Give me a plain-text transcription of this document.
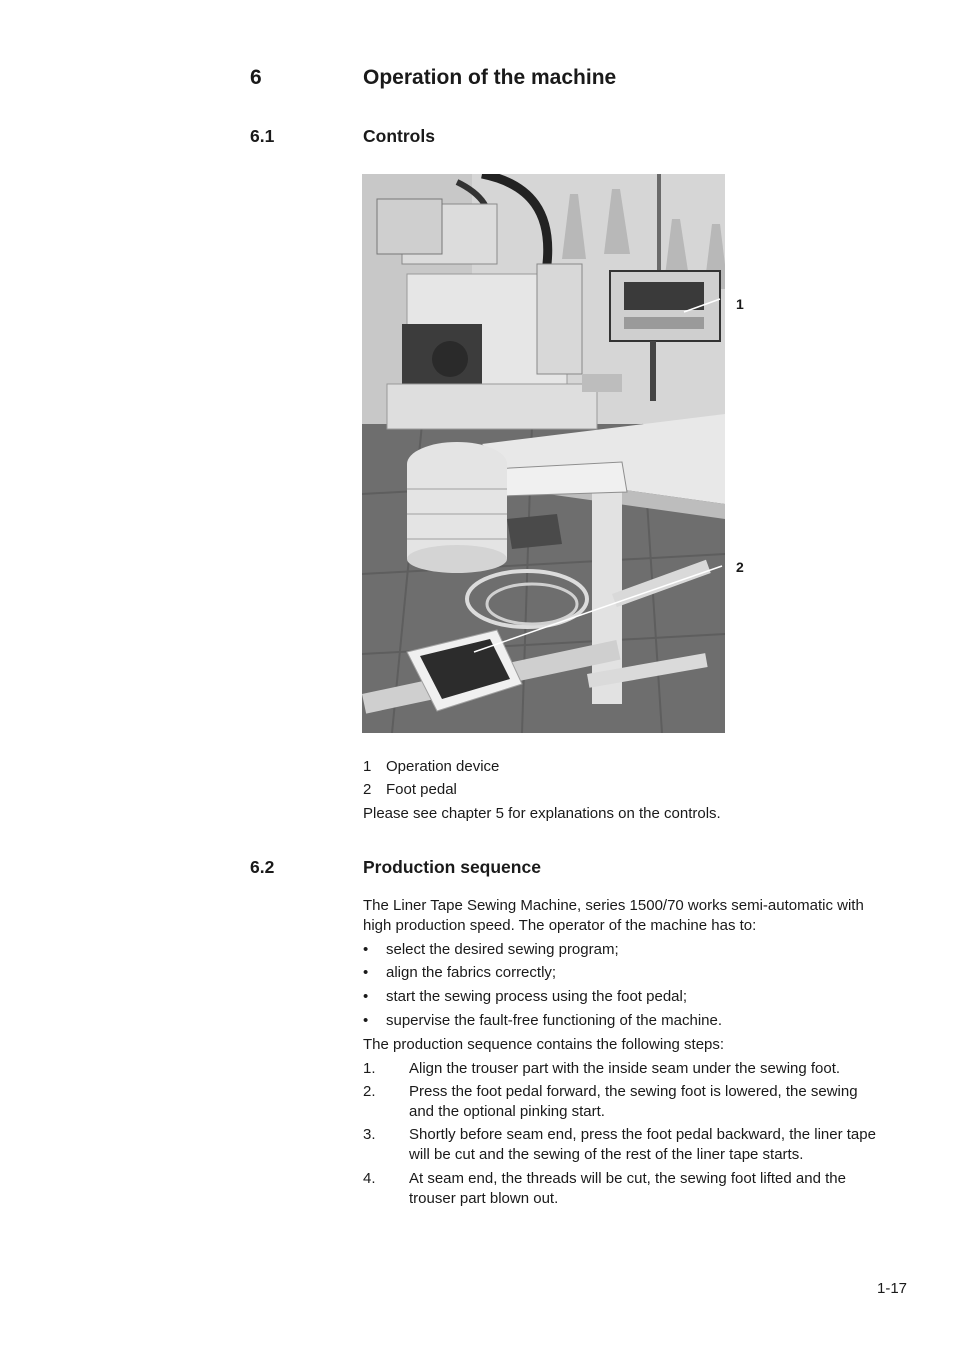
6	Operation of the machine
6.1	Controls
1
2
1 Operation device
2 Foot pedal
Please see chapter 5 for explanations on the controls.
6.2	Production sequence
The Liner Tape Sewing Machine, series 1500/70 works semi-automatic with
high production speed. The operator of the machine has to:
• select the desired sewing program;
• align the fabrics correctly;
• start the sewing process using the foot pedal;
• supervise the fault-free functioning of the machine.
The production sequence contains the following steps:
1. Align the trouser part with the inside seam under the sewing foot.
2. Press the foot pedal forward, the sewing foot is lowered, the sewing
and the optional pinking start.
3. Shortly before seam end, press the foot pedal backward, the liner tape
will be cut and the sewing of the rest of the liner tape starts.
4. At seam end, the threads will be cut, the sewing foot lifted and the
trouser part blown out.
1-17
